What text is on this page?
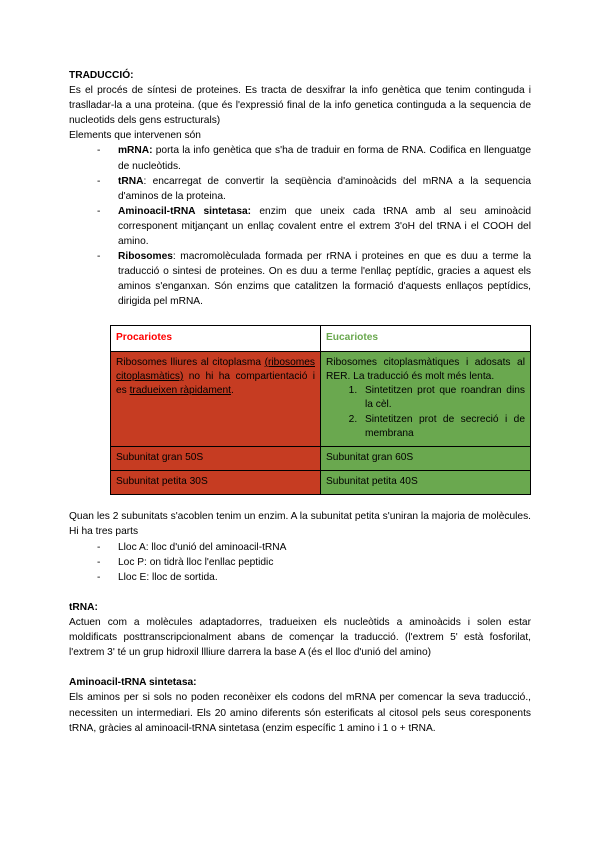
TRADUCCIÓ:

Es el procés de síntesi de proteines. Es tracta de desxifrar la info genètica que tenim continguda i traslladar-la a una proteina. (que és l'expressió final de la info genetica continguda a la sequencia de nucleotids dels gens estructurals)

Elements que intervenen són

- mRNA: porta la info genètica que s'ha de traduir en forma de RNA. Codifica en llenguatge de nucleòtids.
- tRNA: encarregat de convertir la seqüència d'aminoàcids del mRNA a la sequencia d'aminos de la proteina.
- Aminoacil-tRNA sintetasa: enzim que uneix cada tRNA amb al seu aminoàcid corresponent mitjançant un enllaç covalent entre el extrem 3'oH del tRNA i el COOH del amino.
- Ribosomes: macromolèculada formada per rRNA i proteines en que es duu a terme la traducció o sintesi de proteines. On es duu a terme l'enllaç peptídic, gracies a aquest els aminos s'enganxan. Són enzims que catalitzen la formació d'aquests enllaços peptídics, dirigida pel mRNA.
Procariotes	Eucariotes
Ribosomes lliures al citoplasma (ribosomes citoplasmàtics) no hi ha compartientació i es tradueixen ràpidament.	Ribosomes citoplasmàtiques i adosats al RER. La traducció és molt més lenta.
1. Sintetitzen prot que roandran dins la cèl.
2. Sintetitzen prot de secreció i de membrana

Subunitat gran 50S	Subunitat gran 60S
Subunitat petita 30S	Subunitat petita 40S

Quan les 2 subunitats s'acoblen tenim un enzim. A la subunitat petita s'uniran la majoria de molècules. Hi ha tres parts

- Lloc A: lloc d'unió del aminoacil-tRNA
- Loc P: on tidrà lloc l'enllac peptidic
- Lloc E: lloc de sortida.
tRNA:

Actuen com a molècules adaptadorres, tradueixen els nucleòtids a aminoàcids i solen estar moldificats posttranscripcionalment abans de començar la traducció. (l'extrem 5' està fosforilat, l'extrem 3' té un grup hidroxil llliure darrera la base A (és el lloc d'unió del amino)

Aminoacil-tRNA sintetasa:

Els aminos per si sols no poden reconèixer els codons del mRNA per comencar la seva traducció., necessiten un intermediari. Els 20 amino diferents són esterificats al citosol pels seus coresponents tRNA, gràcies al aminoacil-tRNA sintetasa (enzim específic 1 amino i 1 o + tRNA.
